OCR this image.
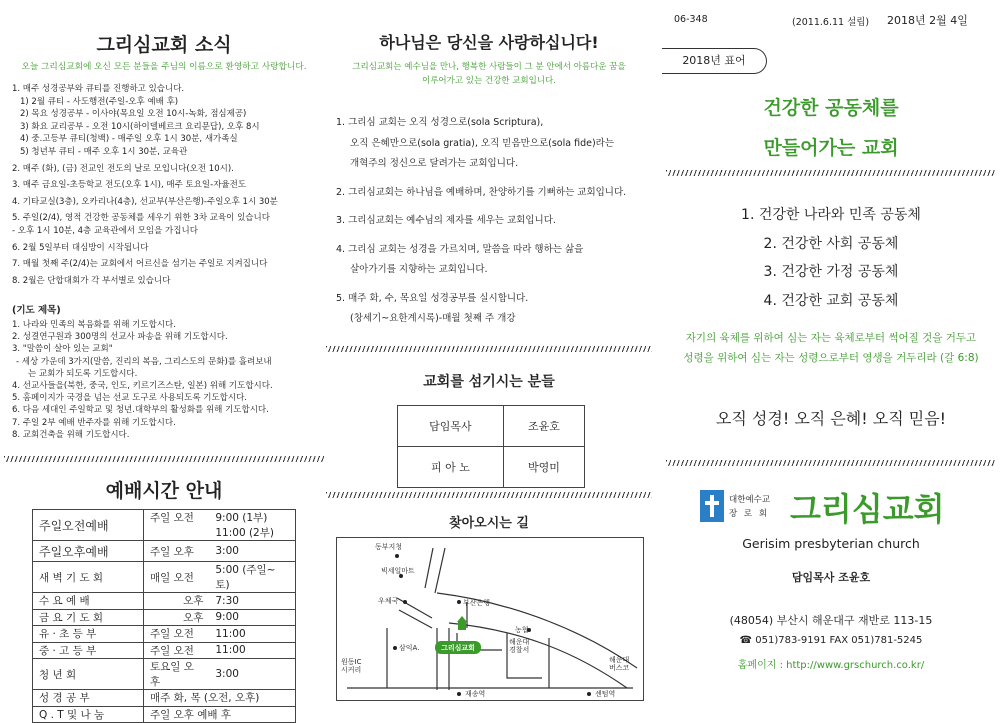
그리심교회 소식
오늘 그리심교회에 오신 모든 분들을 주님의 이름으로 환영하고 사랑합니다.
1. 매주 성경공부와 큐티를 진행하고 있습니다.
1) 2월 큐티 - 사도행전(주일-오후 예배 후)
2) 목요 성경공부 - 이사야(목요일 오전 10시-녹화, 점심제공)
3) 화요 교리공부 - 오전 10시(하이델베르크 요리문답), 오후 8시
4) 중.고등부 큐티(청백) - 매주일 오후 1시 30분, 새가족실
5) 청년부 큐티 - 매주 오후 1시 30분, 교육관
2. 매주 (화), (금) 전교인 전도의 날로 모입니다(오전 10시).
3. 매주 금요일-초등학교 전도(오후 1시), 매주 토요일-자율전도
4. 기타교실(3층), 오카리나(4층), 선교부(부산은행)-주일오후 1시 30분
5. 주일(2/4), 영적 건강한 공동체를 세우기 위한 3차 교육이 있습니다
- 오후 1시 10분, 4층 교육관에서 모임을 가집니다
6. 2월 5일부터 대심방이 시작됩니다
7. 매월 첫째 주(2/4)는 교회에서 어르신을 섬기는 주일로 지켜집니다
8. 2월은 단합대회가 각 부서별로 있습니다
(기도 제목)
1. 나라와 민족의 복음화를 위해 기도합시다.
2. 성결연구원과 300명의 선교사 파송을 위해 기도합시다.
3. "말씀이 살아 있는 교회"
- 세상 가운데 3가지(말씀, 진리의 복음, 그리스도의 문화)를 흘려보내
는 교회가 되도록 기도합시다.
4. 선교사들을(북한, 중국, 인도, 키르기즈스탄, 일본) 위해 기도합시다.
5. 홈페이지가 국경을 넘는 선교 도구로 사용되도록 기도합시다.
6. 다음 세대인 주일학교 및 청년.대학부의 활성화를 위해 기도합시다.
7. 주일 2부 예배 반주자를 위해 기도합시다.
8. 교회건축을 위해 기도합시다.
예배시간 안내
주일오전예배	주일 오전	9:00 (1부)
11:00 (2부)

주일오후예배	주일 오후	3:00
새 벽 기 도 회	매일 오전	5:00 (주일~토)
수 요 예 배	오후	7:30
금 요 기 도 회	오후	9:00
유 · 초 등 부	주일 오전	11:00
중 · 고 등 부	주일 오전	11:00
청 년 회	토요일 오후	3:00
성 경 공 부	매주 화, 목 (오전, 오후)	
Q . T 및 나 눔	주일 오후 예배 후	
하나님은 당신을 사랑하십니다!
그리심교회는 예수님을 만나, 행복한 사람들이 그 분 안에서 아름다운 꿈을
이루어가고 있는 건강한 교회입니다.
1. 그리심 교회는 오직 성경으로(sola Scriptura),
오직 은혜만으로(sola gratia), 오직 믿음만으로(sola fide)라는
개혁주의 정신으로 달려가는 교회입니다.
2. 그리심교회는 하나님을 예배하며, 찬양하기를 기뻐하는 교회입니다.
3. 그리심교회는 예수님의 제자를 세우는 교회입니다.
4. 그리심 교회는 성경을 가르치며, 말씀을 따라 행하는 삶을
살아가기를 지향하는 교회입니다.
5. 매주 화, 수, 목요일 성경공부를 실시합니다.
(창세기~요한계시록)-매월 첫째 주 개강
교회를 섬기시는 분들
담임목사	조윤호
피 아 노	박영미
찾아오시는 길
동부지청
빅세일마트
우체국	부산은행
농협
해운대
경찰서
삼익A.	그리심교회
원동IC
시커리
해운대
버스코
재송역	센텀역
06-348	(2011.6.11 설립) 2018년 2월 4일
2018년 표어
건강한 공동체를
만들어가는 교회
1. 건강한 나라와 민족 공동체
2. 건강한 사회 공동체
3. 건강한 가정 공동체
4. 건강한 교회 공동체
자기의 육체를 위하여 심는 자는 육체로부터 썩어질 것을 거두고
성령을 위하여 심는 자는 성령으로부터 영생을 거두리라 (갈 6:8)
오직 성경! 오직 은혜! 오직 믿음!
대한예수교
장 로 회 그리심교회
Gerisim presbyterian church
담임목사 조윤호
(48054) 부산시 해운대구 재반로 113-15
☎ 051)783-9191 FAX 051)781-5245
홈페이지 : http://www.grschurch.co.kr/
